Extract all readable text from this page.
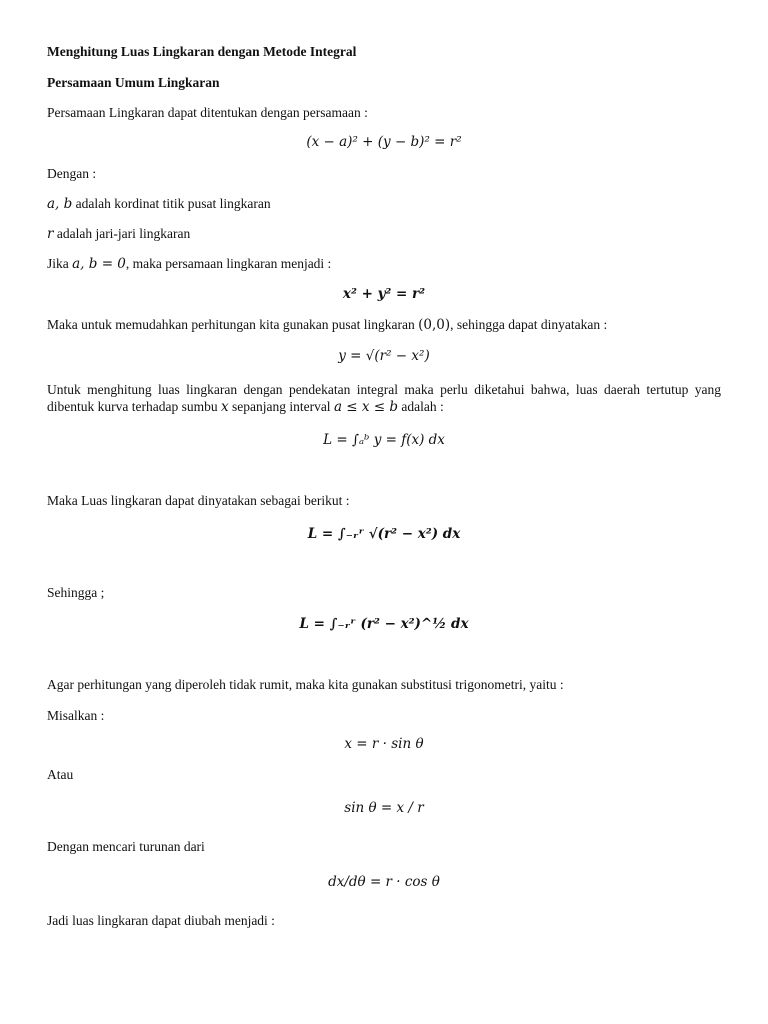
Menghitung Luas Lingkaran dengan Metode Integral
Persamaan Umum Lingkaran
Persamaan Lingkaran dapat ditentukan dengan persamaan :
(x − a)² + (y − b)² = r²
Dengan :
a, b adalah kordinat titik pusat lingkaran
r adalah jari-jari lingkaran
Jika a, b = 0, maka persamaan lingkaran menjadi :
x² + y² = r²
Maka untuk memudahkan perhitungan kita gunakan pusat lingkaran (0,0), sehingga dapat dinyatakan :
y = √(r² − x²)
Untuk menghitung luas lingkaran dengan pendekatan integral maka perlu diketahui bahwa, luas daerah tertutup yang dibentuk kurva terhadap sumbu x sepanjang interval a ≤ x ≤ b adalah :
L = ∫ₐᵇ y = f(x) dx
Maka Luas lingkaran dapat dinyatakan sebagai berikut :
L = ∫₋ᵣʳ √(r² − x²) dx
Sehingga ;
L = ∫₋ᵣʳ (r² − x²)^½ dx
Agar perhitungan yang diperoleh tidak rumit, maka kita gunakan substitusi trigonometri, yaitu :
Misalkan :
x = r · sin θ
Atau
sin θ = x / r
Dengan mencari turunan dari
dx/dθ = r · cos θ
Jadi luas lingkaran dapat diubah menjadi :
